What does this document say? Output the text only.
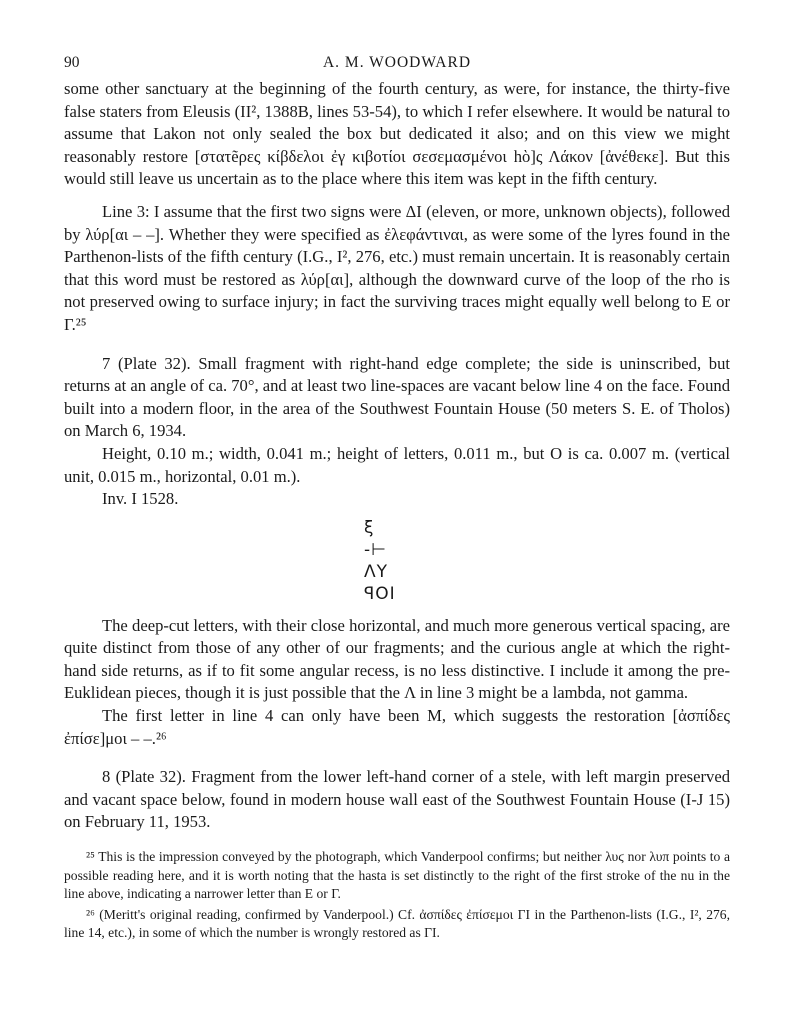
90	A. M. WOODWARD

some other sanctuary at the beginning of the fourth century, as were, for instance, the thirty-five false staters from Eleusis (II², 1388B, lines 53-54), to which I refer elsewhere. It would be natural to assume that Lakon not only sealed the box but dedicated it also; and on this view we might reasonably restore [στατẽρες κίβδελοι ἐγ κιβοτίοι σεσεμασμένοι hὸ]ς Λάκον [ἀνέθεκε]. But this would still leave us uncertain as to the place where this item was kept in the fifth century.

Line 3: I assume that the first two signs were ΔI (eleven, or more, unknown objects), followed by λύρ[αι – –]. Whether they were specified as ἐλεφάντιναι, as were some of the lyres found in the Parthenon-lists of the fifth century (I.G., I², 276, etc.) must remain uncertain. It is reasonably certain that this word must be restored as λύρ[αι], although the downward curve of the loop of the rho is not preserved owing to surface injury; in fact the surviving traces might equally well belong to E or Γ.²⁵

7 (Plate 32). Small fragment with right-hand edge complete; the side is uninscribed, but returns at an angle of ca. 70°, and at least two line-spaces are vacant below line 4 on the face. Found built into a modern floor, in the area of the Southwest Fountain House (50 meters S. E. of Tholos) on March 6, 1934.

Height, 0.10 m.; width, 0.041 m.; height of letters, 0.011 m., but O is ca. 0.007 m. (vertical unit, 0.015 m., horizontal, 0.01 m.).

Inv. I 1528.

ξ
-⊢
ΛY
ꟼOI

The deep-cut letters, with their close horizontal, and much more generous vertical spacing, are quite distinct from those of any other of our fragments; and the curious angle at which the right-hand side returns, as if to fit some angular recess, is no less distinctive. I include it among the pre-Euklidean pieces, though it is just possible that the Λ in line 3 might be a lambda, not gamma.

The first letter in line 4 can only have been M, which suggests the restoration [ἀσπίδες ἐπίσε]μοι – –.²⁶

8 (Plate 32). Fragment from the lower left-hand corner of a stele, with left margin preserved and vacant space below, found in modern house wall east of the Southwest Fountain House (I-J 15) on February 11, 1953.

²⁵ This is the impression conveyed by the photograph, which Vanderpool confirms; but neither λυϛ nor λυπ points to a possible reading here, and it is worth noting that the hasta is set distinctly to the right of the first stroke of the nu in the line above, indicating a narrower letter than E or Γ.

²⁶ (Meritt's original reading, confirmed by Vanderpool.) Cf. ἀσπίδες ἐπίσεμοι ΓI in the Parthenon-lists (I.G., I², 276, line 14, etc.), in some of which the number is wrongly restored as ΓI.
